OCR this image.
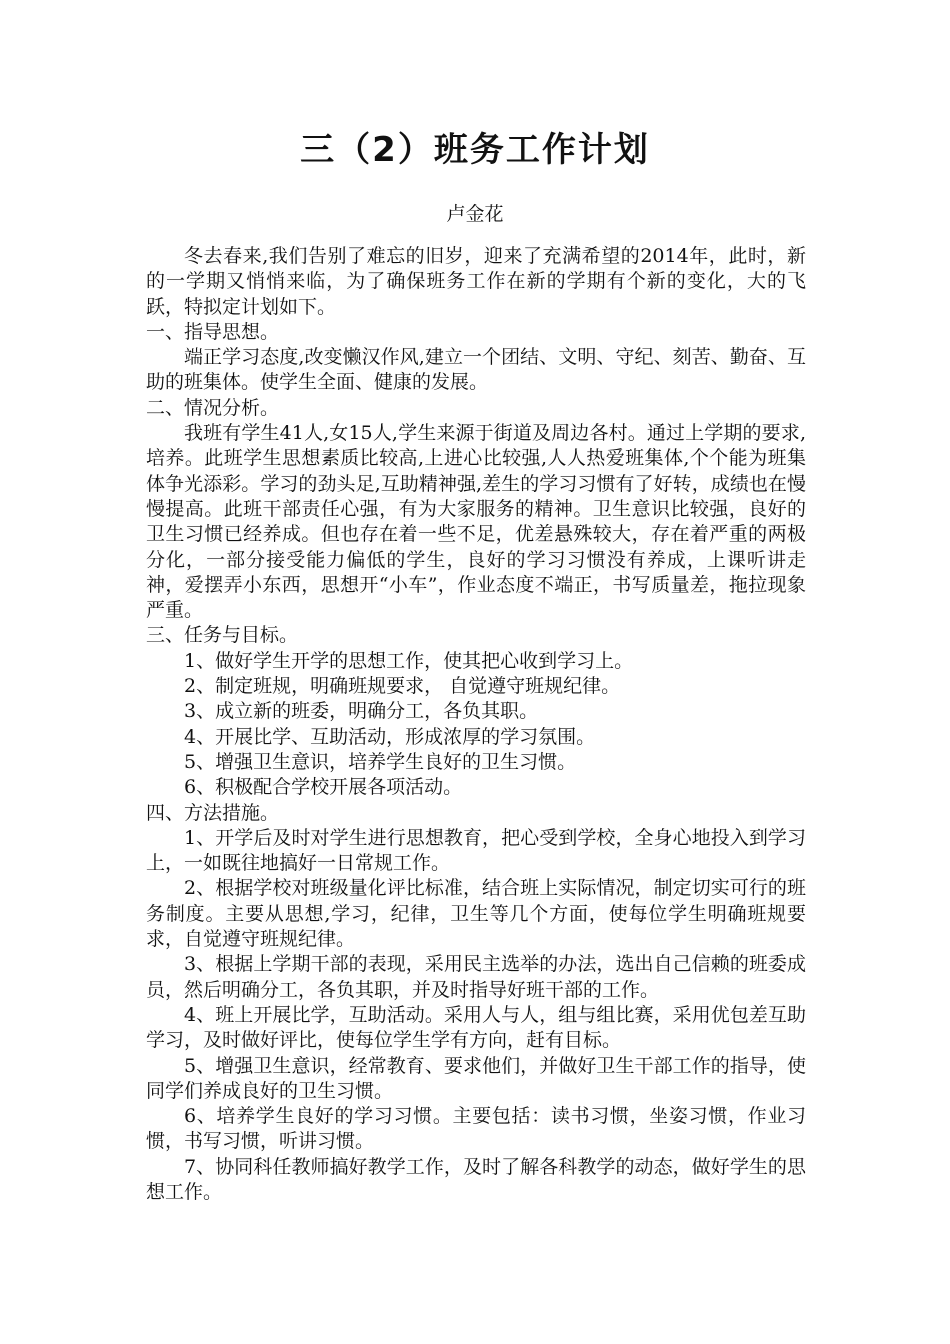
三（2）班务工作计划
卢金花

冬去春来,我们告别了难忘的旧岁，迎来了充满希望的2014年，此时，新的一学期又悄悄来临，为了确保班务工作在新的学期有个新的变化，大的飞跃，特拟定计划如下。

一、指导思想。

端正学习态度,改变懒汉作风,建立一个团结、文明、守纪、刻苦、勤奋、互助的班集体。使学生全面、健康的发展。

二、情况分析。

我班有学生41人,女15人,学生来源于街道及周边各村。通过上学期的要求,培养。此班学生思想素质比较高,上进心比较强,人人热爱班集体,个个能为班集体争光添彩。学习的劲头足,互助精神强,差生的学习习惯有了好转，成绩也在慢慢提高。此班干部责任心强，有为大家服务的精神。卫生意识比较强，良好的卫生习惯已经养成。但也存在着一些不足，优差悬殊较大，存在着严重的两极分化，一部分接受能力偏低的学生，良好的学习习惯没有养成，上课听讲走神，爱摆弄小东西，思想开“小车”，作业态度不端正，书写质量差，拖拉现象严重。

三、任务与目标。

1、做好学生开学的思想工作，使其把心收到学习上。

2、制定班规，明确班规要求， 自觉遵守班规纪律。

3、成立新的班委，明确分工，各负其职。

4、开展比学、互助活动，形成浓厚的学习氛围。

5、增强卫生意识，培养学生良好的卫生习惯。

6、积极配合学校开展各项活动。

四、方法措施。

1、开学后及时对学生进行思想教育，把心受到学校，全身心地投入到学习上，一如既往地搞好一日常规工作。

2、根据学校对班级量化评比标准，结合班上实际情况，制定切实可行的班务制度。主要从思想,学习，纪律，卫生等几个方面，使每位学生明确班规要求，自觉遵守班规纪律。

3、根据上学期干部的表现，采用民主选举的办法，选出自己信赖的班委成员，然后明确分工，各负其职，并及时指导好班干部的工作。

4、班上开展比学，互助活动。采用人与人，组与组比赛，采用优包差互助学习，及时做好评比，使每位学生学有方向，赶有目标。

5、增强卫生意识，经常教育、要求他们，并做好卫生干部工作的指导，使同学们养成良好的卫生习惯。

6、培养学生良好的学习习惯。主要包括：读书习惯，坐姿习惯，作业习惯，书写习惯，听讲习惯。

7、协同科任教师搞好教学工作，及时了解各科教学的动态，做好学生的思想工作。
